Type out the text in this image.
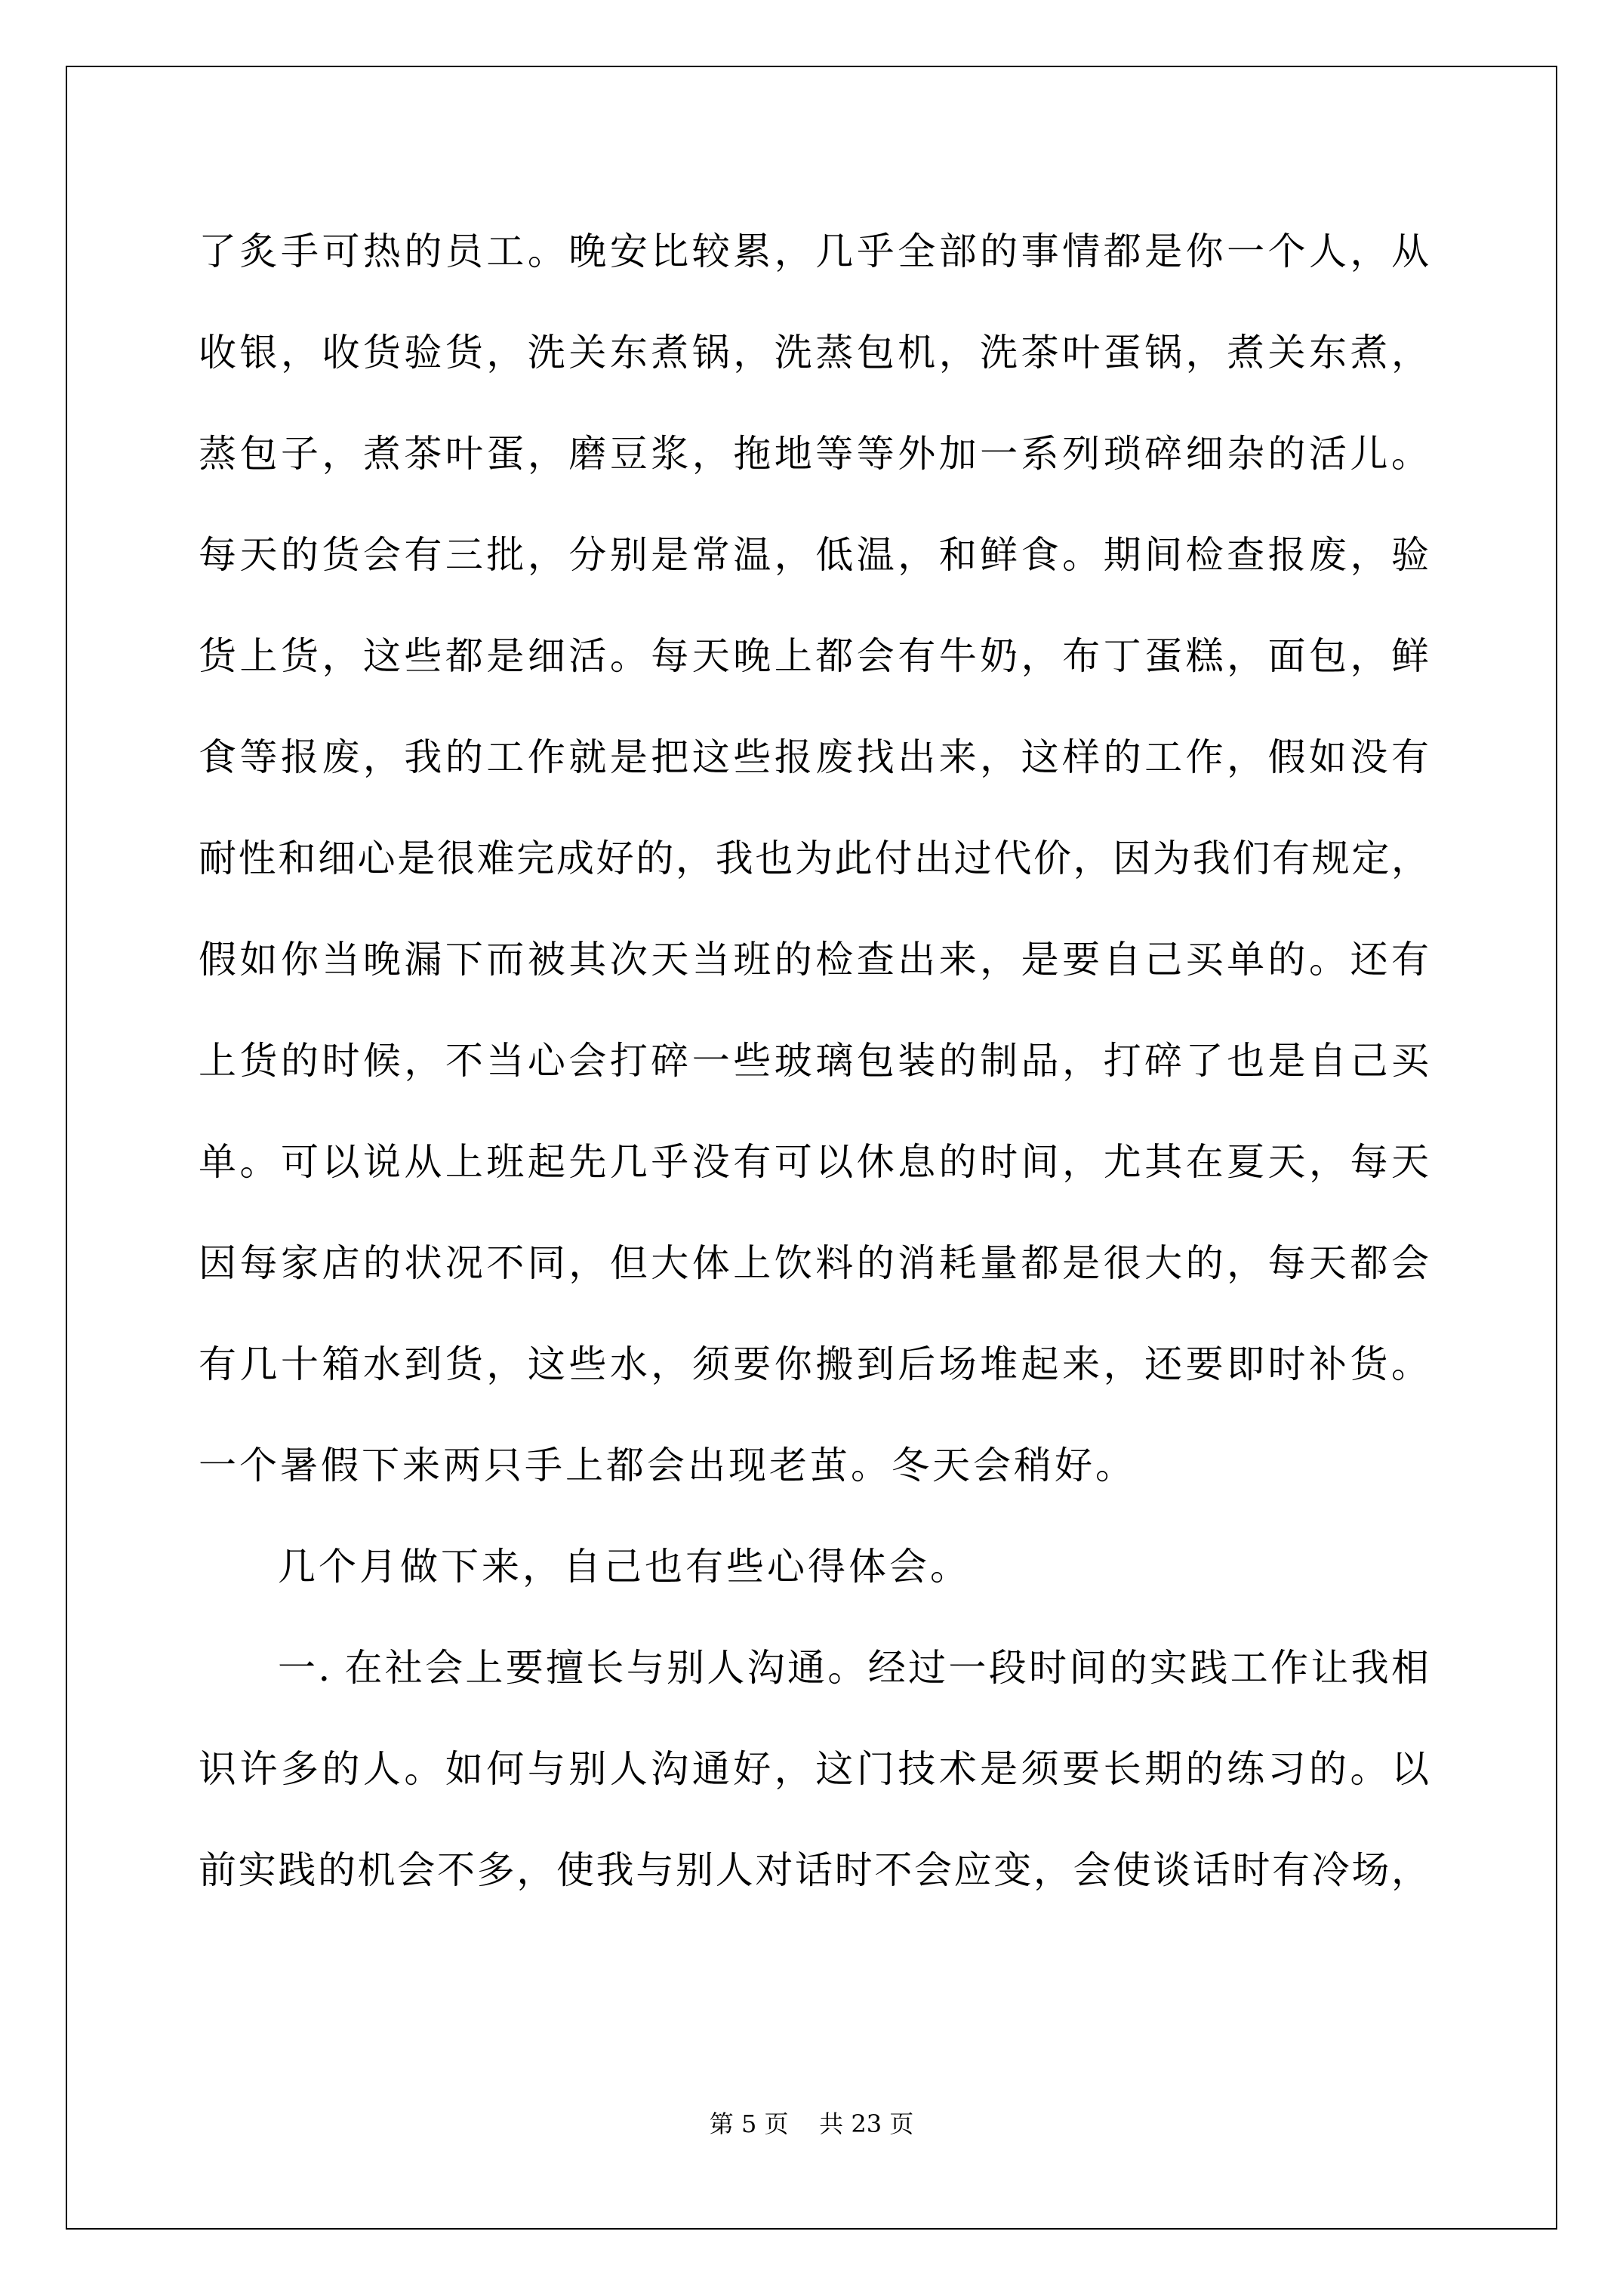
了炙手可热的员工。晚安比较累，几乎全部的事情都是你一个人，从
收银，收货验货，洗关东煮锅，洗蒸包机，洗茶叶蛋锅，煮关东煮，
蒸包子，煮茶叶蛋，磨豆浆，拖地等等外加一系列琐碎细杂的活儿。
每天的货会有三批，分别是常温，低温，和鲜食。期间检查报废，验
货上货，这些都是细活。每天晚上都会有牛奶，布丁蛋糕，面包，鲜
食等报废，我的工作就是把这些报废找出来，这样的工作，假如没有
耐性和细心是很难完成好的，我也为此付出过代价，因为我们有规定，
假如你当晚漏下而被其次天当班的检查出来，是要自己买单的。还有
上货的时候，不当心会打碎一些玻璃包装的制品，打碎了也是自己买
单。可以说从上班起先几乎没有可以休息的时间，尤其在夏天，每天
因每家店的状况不同，但大体上饮料的消耗量都是很大的，每天都会
有几十箱水到货，这些水，须要你搬到后场堆起来，还要即时补货。
一个暑假下来两只手上都会出现老茧。冬天会稍好。
几个月做下来，自己也有些心得体会。
一. 在社会上要擅长与别人沟通。经过一段时间的实践工作让我相
识许多的人。如何与别人沟通好，这门技术是须要长期的练习的。以
前实践的机会不多，使我与别人对话时不会应变，会使谈话时有冷场，
第 5 页    共 23 页
